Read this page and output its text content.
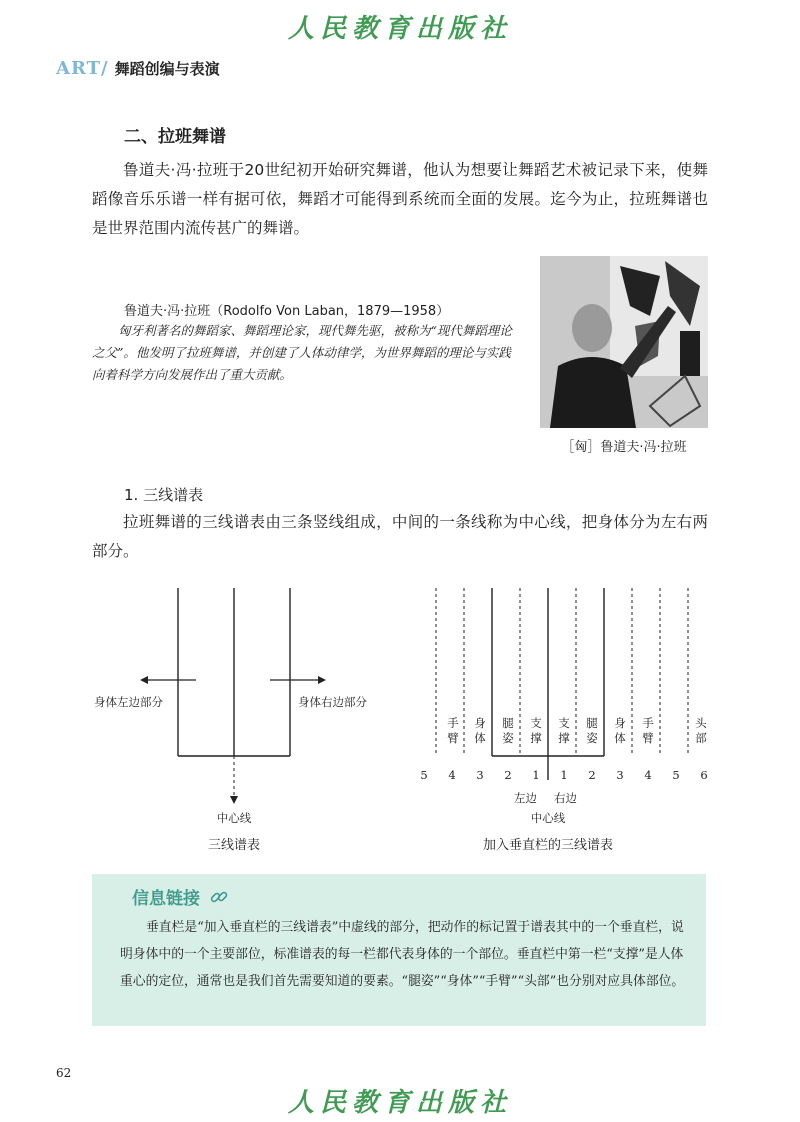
人民教育出版社
ART/ 舞蹈创编与表演
二、拉班舞谱
鲁道夫·冯·拉班于20世纪初开始研究舞谱，他认为想要让舞蹈艺术被记录下来，使舞蹈像音乐乐谱一样有据可依，舞蹈才可能得到系统而全面的发展。迄今为止，拉班舞谱也是世界范围内流传甚广的舞谱。
鲁道夫·冯·拉班（Rodolfo Von Laban，1879—1958）
匈牙利著名的舞蹈家、舞蹈理论家，现代舞先驱，被称为“现代舞蹈理论之父”。他发明了拉班舞谱，并创建了人体动律学，为世界舞蹈的理论与实践向着科学方向发展作出了重大贡献。
［匈］鲁道夫·冯·拉班
1. 三线谱表
拉班舞谱的三线谱表由三条竖线组成，中间的一条线称为中心线，把身体分为左右两部分。
身体左边部分	身体右边部分
中心线
三线谱表
手臂
身体
腿姿
支撑
支撑
腿姿
身体
手臂
头部
5 4 3 2 1 1 2 3 4 5 6
左边 右边
中心线
加入垂直栏的三线谱表
信息链接
垂直栏是“加入垂直栏的三线谱表”中虚线的部分，把动作的标记置于谱表其中的一个垂直栏，说明身体中的一个主要部位，标准谱表的每一栏都代表身体的一个部位。垂直栏中第一栏“支撑”是人体重心的定位，通常也是我们首先需要知道的要素。“腿姿”“身体”“手臂”“头部”也分别对应具体部位。
62
人民教育出版社
